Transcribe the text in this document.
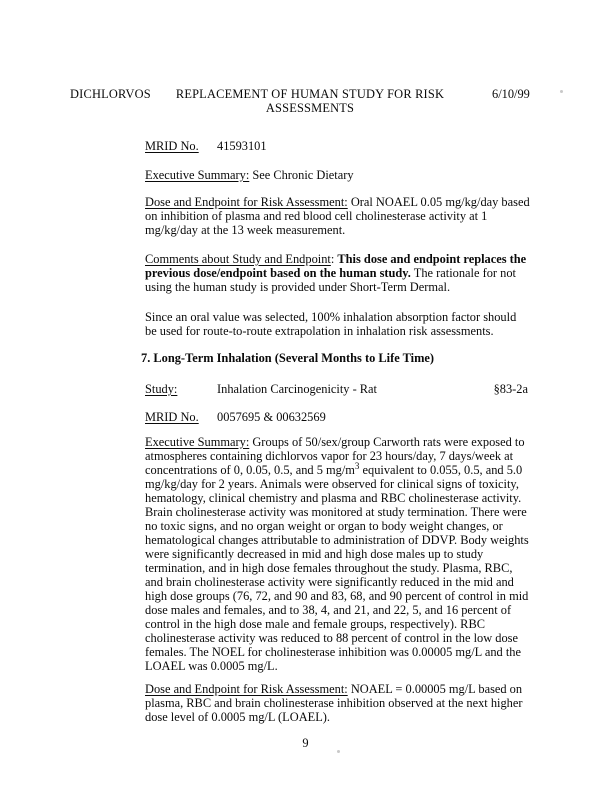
DICHLORVOS	REPLACEMENT OF HUMAN STUDY FOR RISK ASSESSMENTS
6/10/99
MRID No.	41593101
Executive Summary: See Chronic Dietary
Dose and Endpoint for Risk Assessment: Oral NOAEL 0.05 mg/kg/day based on inhibition of plasma and red blood cell cholinesterase activity at 1 mg/kg/day at the 13 week measurement.
Comments about Study and Endpoint: This dose and endpoint replaces the previous dose/endpoint based on the human study. The rationale for not using the human study is provided under Short-Term Dermal.
Since an oral value was selected, 100% inhalation absorption factor should be used for route-to-route extrapolation in inhalation risk assessments.
7. Long-Term Inhalation (Several Months to Life Time)
Study:	Inhalation Carcinogenicity - Rat	§83-2a
MRID No.	0057695 & 00632569
Executive Summary: Groups of 50/sex/group Carworth rats were exposed to atmospheres containing dichlorvos vapor for 23 hours/day, 7 days/week at concentrations of 0, 0.05, 0.5, and 5 $mg/m^3$ equivalent to 0.055, 0.5, and 5.0 mg/kg/day for 2 years. Animals were observed for clinical signs of toxicity, hematology, clinical chemistry and plasma and RBC cholinesterase activity. Brain cholinesterase activity was monitored at study termination. There were no toxic signs, and no organ weight or organ to body weight changes, or hematological changes attributable to administration of DDVP. Body weights were significantly decreased in mid and high dose males up to study termination, and in high dose females throughout the study. Plasma, RBC, and brain cholinesterase activity were significantly reduced in the mid and high dose groups (76, 72, and 90 and 83, 68, and 90 percent of control in mid dose males and females, and to 38, 4, and 21, and 22, 5, and 16 percent of control in the high dose male and female groups, respectively). RBC cholinesterase activity was reduced to 88 percent of control in the low dose females. The NOEL for cholinesterase inhibition was 0.00005 mg/L and the LOAEL was 0.0005 mg/L.
Dose and Endpoint for Risk Assessment: NOAEL = 0.00005 mg/L based on plasma, RBC and brain cholinesterase inhibition observed at the next higher dose level of 0.0005 mg/L (LOAEL).
9
